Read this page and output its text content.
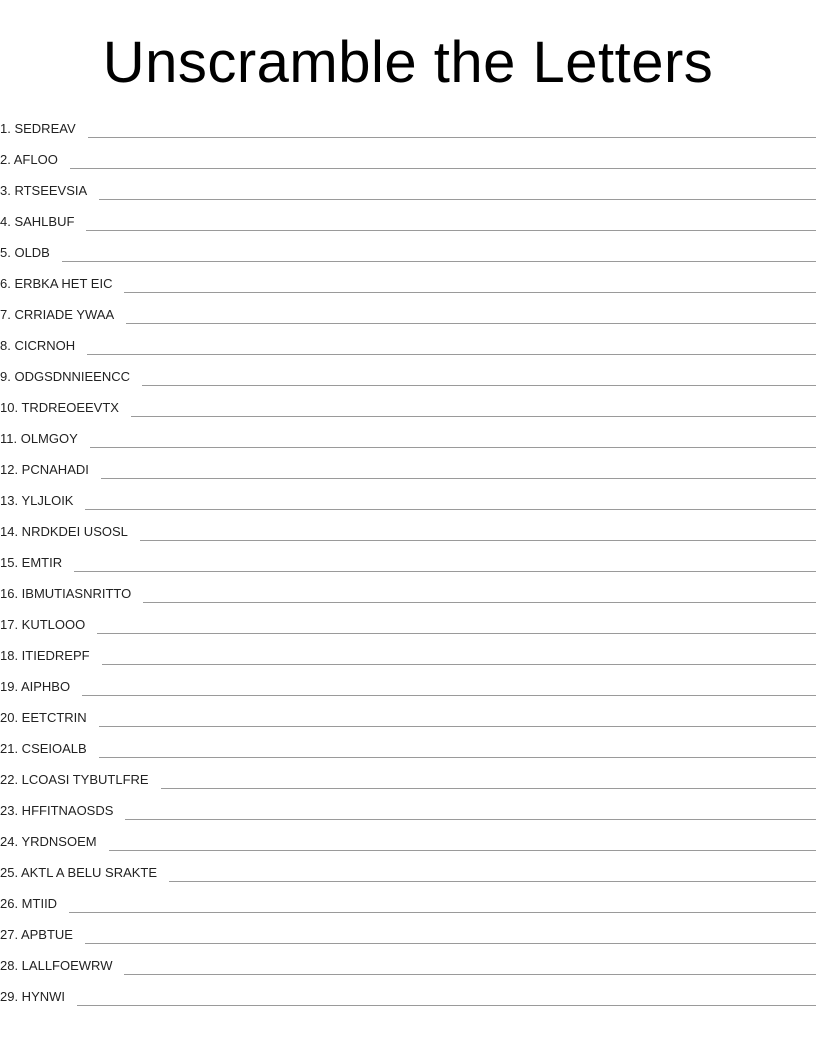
Unscramble the Letters
1. SEDREAV
2. AFLOO
3. RTSEEVSIA
4. SAHLBUF
5. OLDB
6. ERBKA HET EIC
7. CRRIADE YWAA
8. CICRNOH
9. ODGSDNNIEENCC
10. TRDREOEEVTX
11. OLMGOY
12. PCNAHADI
13. YLJLOIK
14. NRDKDEI USOSL
15. EMTIR
16. IBMUTIASNRITTO
17. KUTLOOO
18. ITIEDREPF
19. AIPHBO
20. EETCTRIN
21. CSEIOALB
22. LCOASI TYBUTLFRE
23. HFFITNAOSDS
24. YRDNSOEM
25. AKTL A BELU SRAKTE
26. MTIID
27. APBTUE
28. LALLFOEWRW
29. HYNWI
